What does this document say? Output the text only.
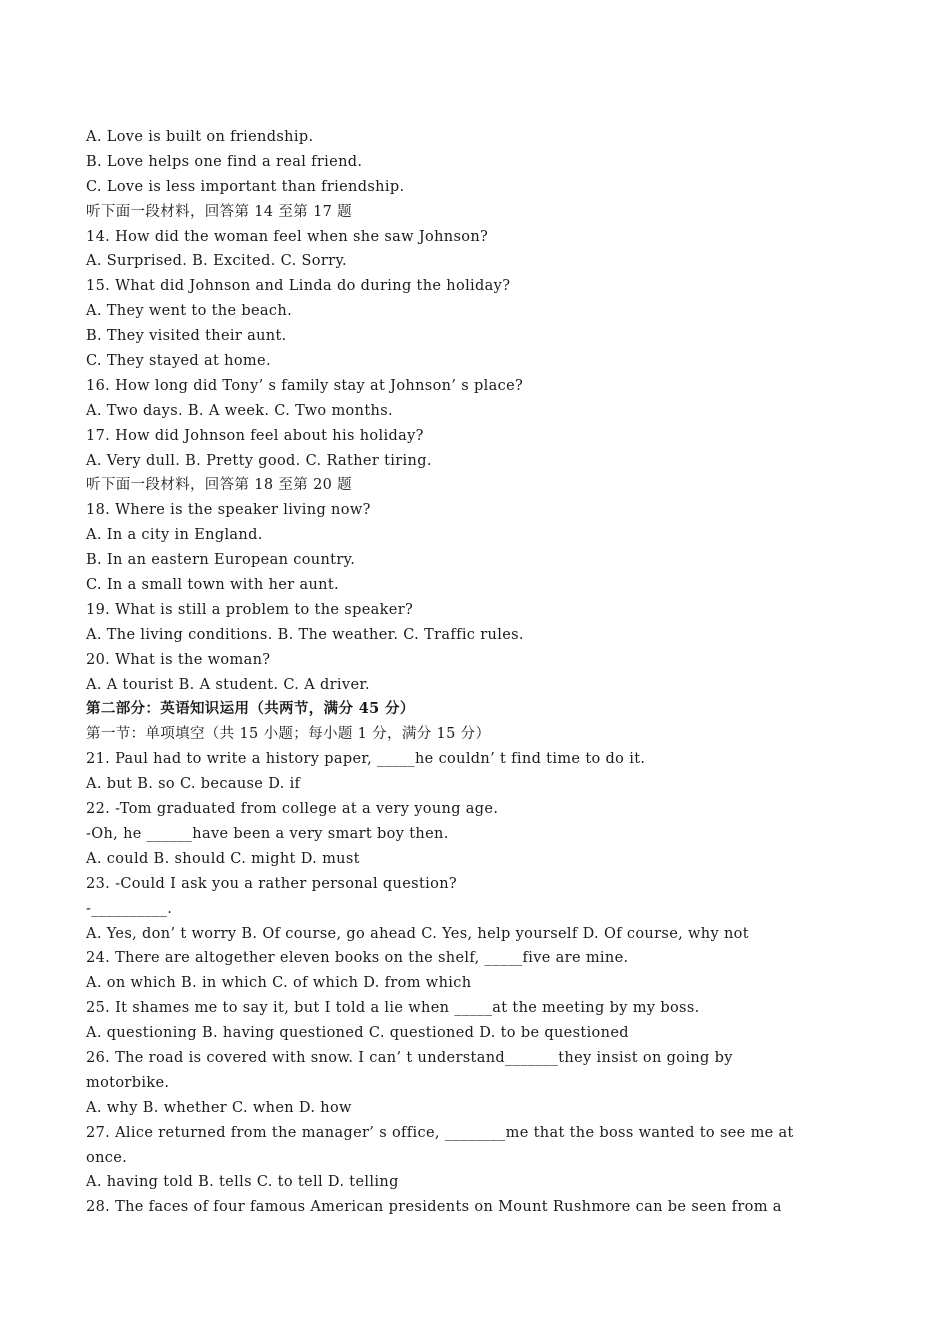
A. Love is built on friendship.
B. Love helps one find a real friend.
C. Love is less important than friendship.
听下面一段材料，回答第 14 至第 17 题
14. How did the woman feel when she saw Johnson?
A. Surprised. B. Excited. C. Sorry.
15. What did Johnson and Linda do during the holiday?
A. They went to the beach.
B. They visited their aunt.
C. They stayed at home.
16. How long did Tony’ s family stay at Johnson’ s place?
A. Two days. B. A week. C. Two months.
17. How did Johnson feel about his holiday?
A. Very dull. B. Pretty good. C. Rather tiring.
听下面一段材料，回答第 18 至第 20 题
18. Where is the speaker living now?
A. In a city in England.
B. In an eastern European country.
C. In a small town with her aunt.
19. What is still a problem to the speaker?
A. The living conditions. B. The weather. C. Traffic rules.
20. What is the woman?
A. A tourist B. A student. C. A driver.
第二部分：英语知识运用（共两节，满分 45 分）
第一节：单项填空（共 15 小题；每小题 1 分，满分 15 分）
21. Paul had to write a history paper, _____he couldn’ t find time to do it.
A. but B. so C. because D. if
22. -Tom graduated from college at a very young age.
-Oh, he ______have been a very smart boy then.
A. could B. should C. might D. must
23. -Could I ask you a rather personal question?
-__________.
A. Yes, don’ t worry B. Of course, go ahead C. Yes, help yourself D. Of course, why not
24. There are altogether eleven books on the shelf, _____five are mine.
A. on which B. in which C. of which D. from which
25. It shames me to say it, but I told a lie when _____at the meeting by my boss.
A. questioning B. having questioned C. questioned D. to be questioned
26. The road is covered with snow. I can’ t understand_______they insist on going by
motorbike.
A. why B. whether C. when D. how
27. Alice returned from the manager’ s office, ________me that the boss wanted to see me at
once.
A. having told B. tells C. to tell D. telling
28. The faces of four famous American presidents on Mount Rushmore can be seen from a
